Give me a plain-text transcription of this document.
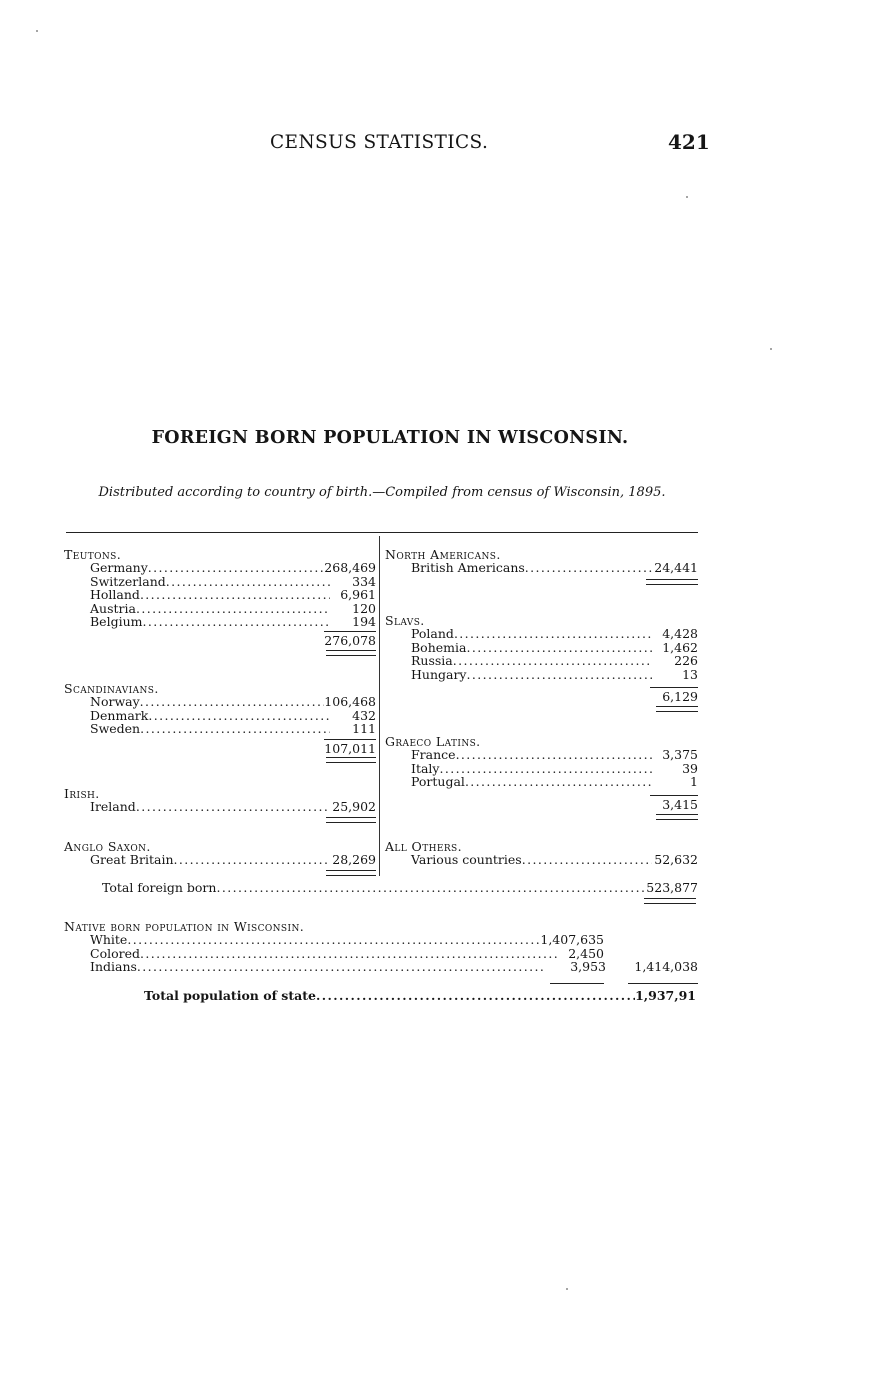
CENSUS STATISTICS.	421
FOREIGN BORN POPULATION IN WISCONSIN.
Distributed according to country of birth.—Compiled from census of Wisconsin, 1895.
Teutons.
Germany .....	268,469
Switzerland .....	334
Holland .....	6,961
Austria .....	120
Belgium .....	194
276,078
Scandinavians.
Norway .....	106,468
Denmark .....	432
Sweden .....	111
107,011
Irish.
Ireland .....	25,902
Anglo Saxon.
Great Britain .....	28,269
North Americans.
British Americans .....	24,441
Slavs.
Poland .....	4,428
Bohemia .....	1,462
Russia .....	226
Hungary .....	13
6,129
Graeco Latins.
France .....	3,375
Italy .....	39
Portugal .....	1
3,415
All Others.
Various countries .....	52,632
Total foreign born .....	523,877
Native born population in Wisconsin.
White .....	1,407,635
Colored .....	2,450
Indians .....	3,953	1,414,038
Total population of state .....	1,937,91
